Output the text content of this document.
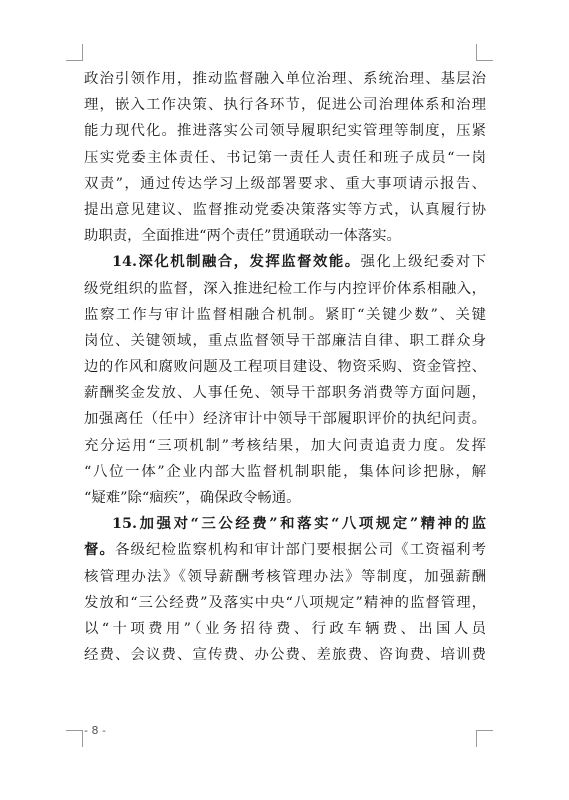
政治引领作用，推动监督融入单位治理、系统治理、基层治
理，嵌入工作决策、执行各环节，促进公司治理体系和治理
能力现代化。推进落实公司领导履职纪实管理等制度，压紧
压实党委主体责任、书记第一责任人责任和班子成员“一岗
双责”，通过传达学习上级部署要求、重大事项请示报告、
提出意见建议、监督推动党委决策落实等方式，认真履行协
助职责，全面推进“两个责任”贯通联动一体落实。
14.深化机制融合，发挥监督效能。强化上级纪委对下
级党组织的监督，深入推进纪检工作与内控评价体系相融入，
监察工作与审计监督相融合机制。紧盯“关键少数”、关键
岗位、关键领域，重点监督领导干部廉洁自律、职工群众身
边的作风和腐败问题及工程项目建设、物资采购、资金管控、
薪酬奖金发放、人事任免、领导干部职务消费等方面问题，
加强离任（任中）经济审计中领导干部履职评价的执纪问责。
充分运用“三项机制”考核结果，加大问责追责力度。发挥
“八位一体”企业内部大监督机制职能，集体问诊把脉，解
“疑难”除“痼疾”，确保政令畅通。
15.加强对“三公经费”和落实“八项规定”精神的监
督。各级纪检监察机构和审计部门要根据公司《工资福利考
核管理办法》《领导薪酬考核管理办法》等制度，加强薪酬
发放和“三公经费”及落实中央“八项规定”精神的监督管理，
以“十项费用”（业务招待费、行政车辆费、出国人员
经费、会议费、宣传费、办公费、差旅费、咨询费、培训费
- 8 -
